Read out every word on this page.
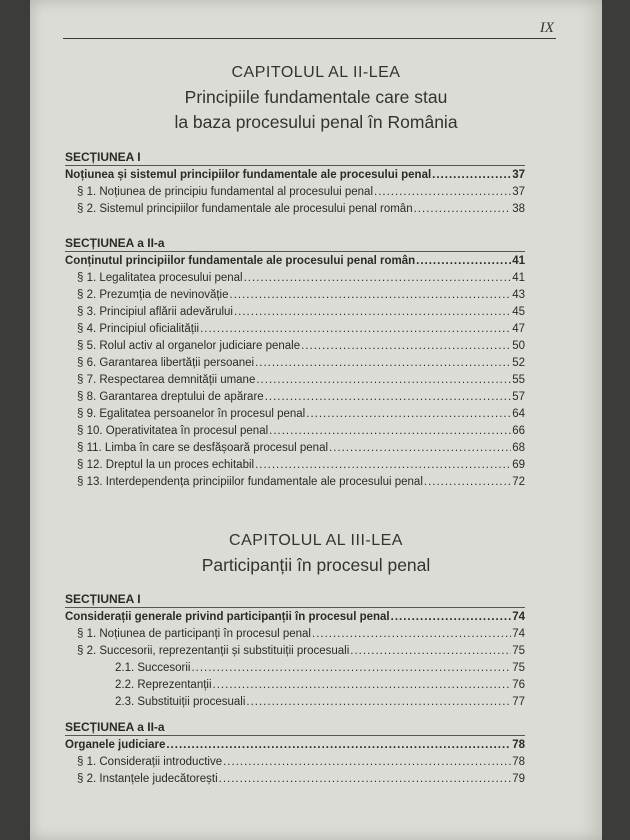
IX
CAPITOLUL AL II-LEA
Principiile fundamentale care stau
la baza procesului penal în România
SECȚIUNEA I
Noțiunea și sistemul principiilor fundamentale ale procesului penal .....	37
§ 1. Noțiunea de principiu fundamental al procesului penal .....	37
§ 2. Sistemul principiilor fundamentale ale procesului penal român .....	38
SECȚIUNEA a II-a
Conținutul principiilor fundamentale ale procesului penal român .....	41
§ 1. Legalitatea procesului penal .....	41
§ 2. Prezumția de nevinovăție .....	43
§ 3. Principiul aflării adevărului .....	45
§ 4. Principiul oficialității .....	47
§ 5. Rolul activ al organelor judiciare penale .....	50
§ 6. Garantarea libertății persoanei .....	52
§ 7. Respectarea demnității umane .....	55
§ 8. Garantarea dreptului de apărare .....	57
§ 9. Egalitatea persoanelor în procesul penal .....	64
§ 10. Operativitatea în procesul penal .....	66
§ 11. Limba în care se desfășoară procesul penal .....	68
§ 12. Dreptul la un proces echitabil .....	69
§ 13. Interdependența principiilor fundamentale ale procesului penal .....	72
CAPITOLUL AL III-LEA
Participanții în procesul penal
SECȚIUNEA I
Considerații generale privind participanții în procesul penal .....	74
§ 1. Noțiunea de participanți în procesul penal .....	74
§ 2. Succesorii, reprezentanții și substituiții procesuali .....	75
2.1. Succesorii .....	75
2.2. Reprezentanții .....	76
2.3. Substituiții procesuali .....	77
SECȚIUNEA a II-a
Organele judiciare .....	78
§ 1. Considerații introductive .....	78
§ 2. Instanțele judecătorești .....	79
